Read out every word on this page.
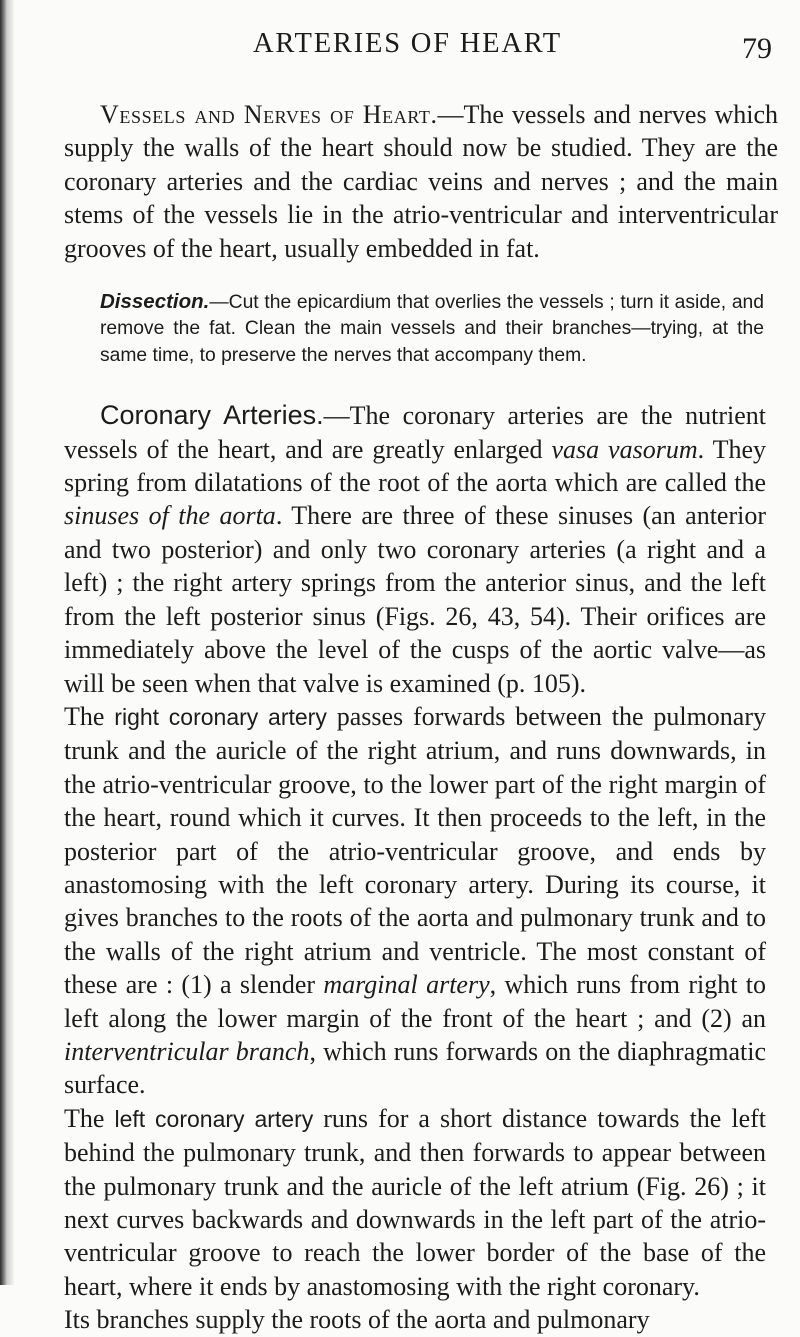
ARTERIES OF HEART	79

Vessels and Nerves of Heart.—The vessels and nerves which supply the walls of the heart should now be studied. They are the coronary arteries and the cardiac veins and nerves ; and the main stems of the vessels lie in the atrio-ventricular and interventricular grooves of the heart, usually embedded in fat.

Dissection.—Cut the epicardium that overlies the vessels ; turn it aside, and remove the fat. Clean the main vessels and their branches—trying, at the same time, to preserve the nerves that accompany them.

Coronary Arteries.—The coronary arteries are the nutrient vessels of the heart, and are greatly enlarged vasa vasorum. They spring from dilatations of the root of the aorta which are called the sinuses of the aorta. There are three of these sinuses (an anterior and two posterior) and only two coronary arteries (a right and a left) ; the right artery springs from the anterior sinus, and the left from the left posterior sinus (Figs. 26, 43, 54). Their orifices are immediately above the level of the cusps of the aortic valve—as will be seen when that valve is examined (p. 105).

The right coronary artery passes forwards between the pulmonary trunk and the auricle of the right atrium, and runs downwards, in the atrio-ventricular groove, to the lower part of the right margin of the heart, round which it curves. It then proceeds to the left, in the posterior part of the atrio-ventricular groove, and ends by anastomosing with the left coronary artery. During its course, it gives branches to the roots of the aorta and pulmonary trunk and to the walls of the right atrium and ventricle. The most constant of these are : (1) a slender marginal artery, which runs from right to left along the lower margin of the front of the heart ; and (2) an interventricular branch, which runs forwards on the diaphragmatic surface.

The left coronary artery runs for a short distance towards the left behind the pulmonary trunk, and then forwards to appear between the pulmonary trunk and the auricle of the left atrium (Fig. 26) ; it next curves backwards and downwards in the left part of the atrio-ventricular groove to reach the lower border of the base of the heart, where it ends by anastomosing with the right coronary.

Its branches supply the roots of the aorta and pulmonary
